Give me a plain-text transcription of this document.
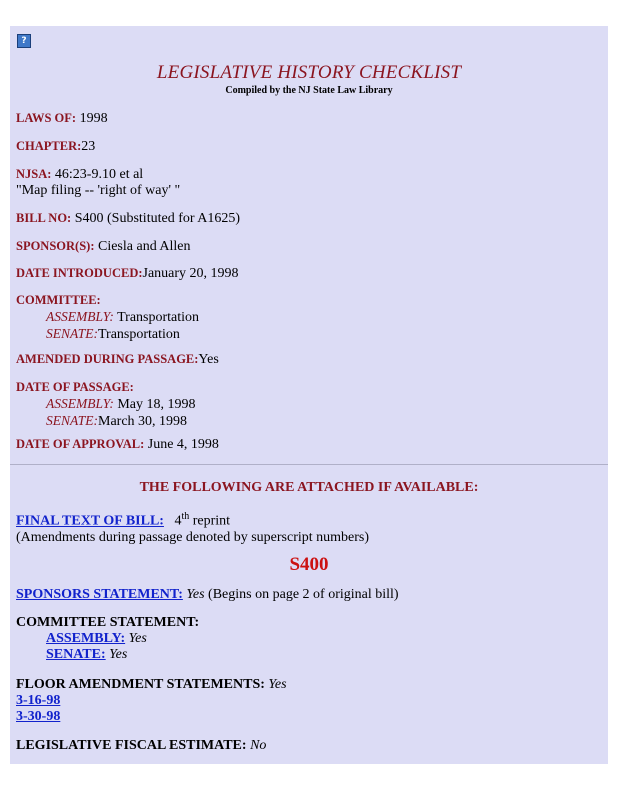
?
LEGISLATIVE HISTORY CHECKLIST
Compiled by the NJ State Law Library
LAWS OF: 1998
CHAPTER:23
NJSA: 46:23-9.10 et al
"Map filing -- 'right of way' "
BILL NO: S400 (Substituted for A1625)
SPONSOR(S): Ciesla and Allen
DATE INTRODUCED:January 20, 1998
COMMITTEE:
ASSEMBLY: Transportation
SENATE:Transportation
AMENDED DURING PASSAGE:Yes
DATE OF PASSAGE:
ASSEMBLY: May 18, 1998
SENATE:March 30, 1998
DATE OF APPROVAL: June 4, 1998
THE FOLLOWING ARE ATTACHED IF AVAILABLE:
FINAL TEXT OF BILL: 4th reprint
(Amendments during passage denoted by superscript numbers)
S400
SPONSORS STATEMENT: Yes (Begins on page 2 of original bill)
COMMITTEE STATEMENT:
ASSEMBLY: Yes
SENATE: Yes
FLOOR AMENDMENT STATEMENTS: Yes
3-16-98
3-30-98
LEGISLATIVE FISCAL ESTIMATE: No
